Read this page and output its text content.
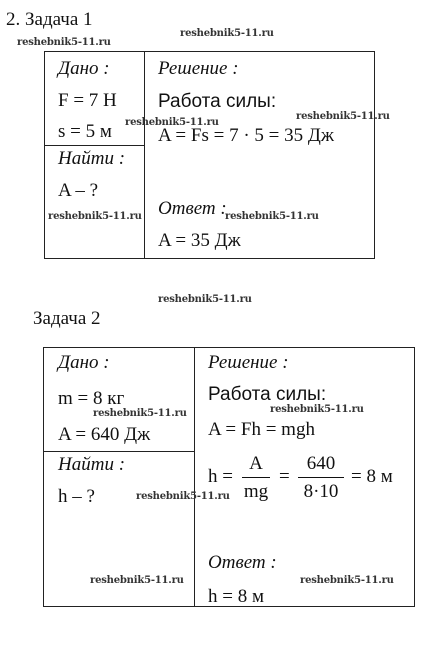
2. Задача 1
reshebnik5-11.ru
reshebnik5-11.ru
Дано :
F = 7 Н
s = 5 м
Найти :
A – ?
Решение :
Работа силы:
A = Fs = 7 · 5 = 35 Дж
Ответ :
A = 35 Дж
reshebnik5-11.ru
reshebnik5-11.ru
reshebnik5-11.ru	reshebnik5-11.ru
reshebnik5-11.ru
Задача 2
Дано :
m = 8 кг
A = 640 Дж
Найти :
h – ?
Решение :
Работа силы:
A = Fh = mgh
h =
A
mg
=
640
8·10
= 8 м
Ответ :
h = 8 м
reshebnik5-11.ru	reshebnik5-11.ru
reshebnik5-11.ru
reshebnik5-11.ru	reshebnik5-11.ru
